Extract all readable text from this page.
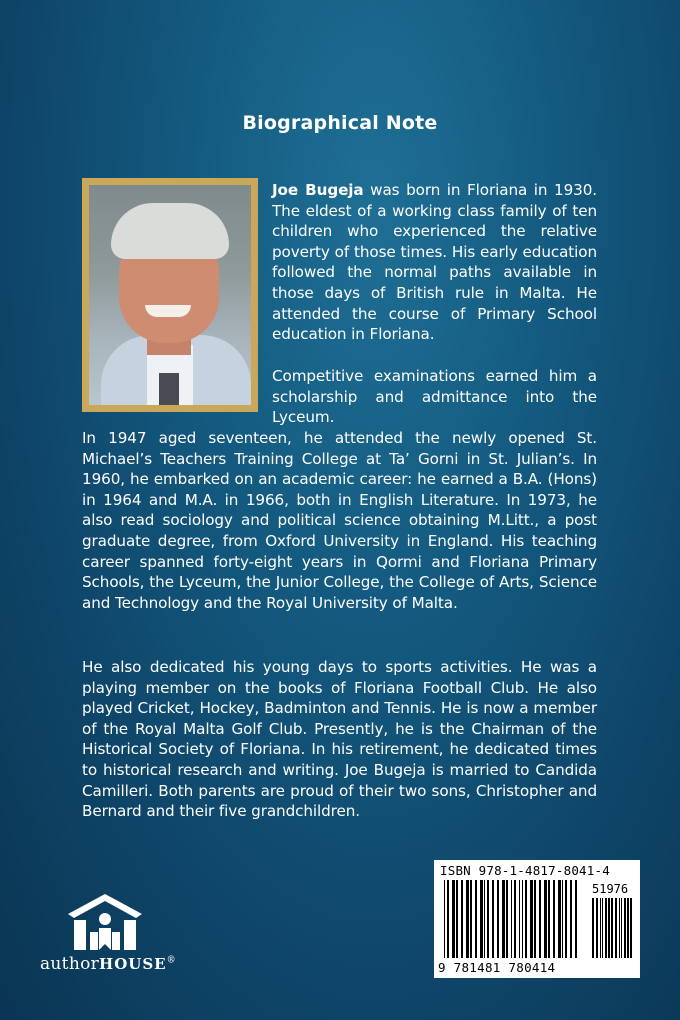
Biographical Note
Joe Bugeja was born in Floriana in 1930. The eldest of a working class family of ten children who experienced the relative poverty of those times. His early education followed the normal paths available in those days of British rule in Malta. He attended the course of Primary School education in Floriana.
Competitive examinations earned him a scholarship and admittance into the Lyceum.
In 1947 aged seventeen, he attended the newly opened St. Michael’s Teachers Training College at Ta’ Gorni in St. Julian’s. In 1960, he embarked on an academic career: he earned a B.A. (Hons) in 1964 and M.A. in 1966, both in English Literature. In 1973, he also read sociology and political science obtaining M.Litt., a post graduate degree, from Oxford University in England. His teaching career spanned forty-eight years in Qormi and Floriana Primary Schools, the Lyceum, the Junior College, the College of Arts, Science and Technology and the Royal University of Malta.
He also dedicated his young days to sports activities. He was a playing member on the books of Floriana Football Club. He also played Cricket, Hockey, Badminton and Tennis. He is now a member of the Royal Malta Golf Club. Presently, he is the Chairman of the Historical Society of Floriana. In his retirement, he dedicated times to historical research and writing. Joe Bugeja is married to Candida Camilleri. Both parents are proud of their two sons, Christopher and Bernard and their five grandchildren.
authorHOUSE®
ISBN 978-1-4817-8041-4
51976
9 781481 780414
